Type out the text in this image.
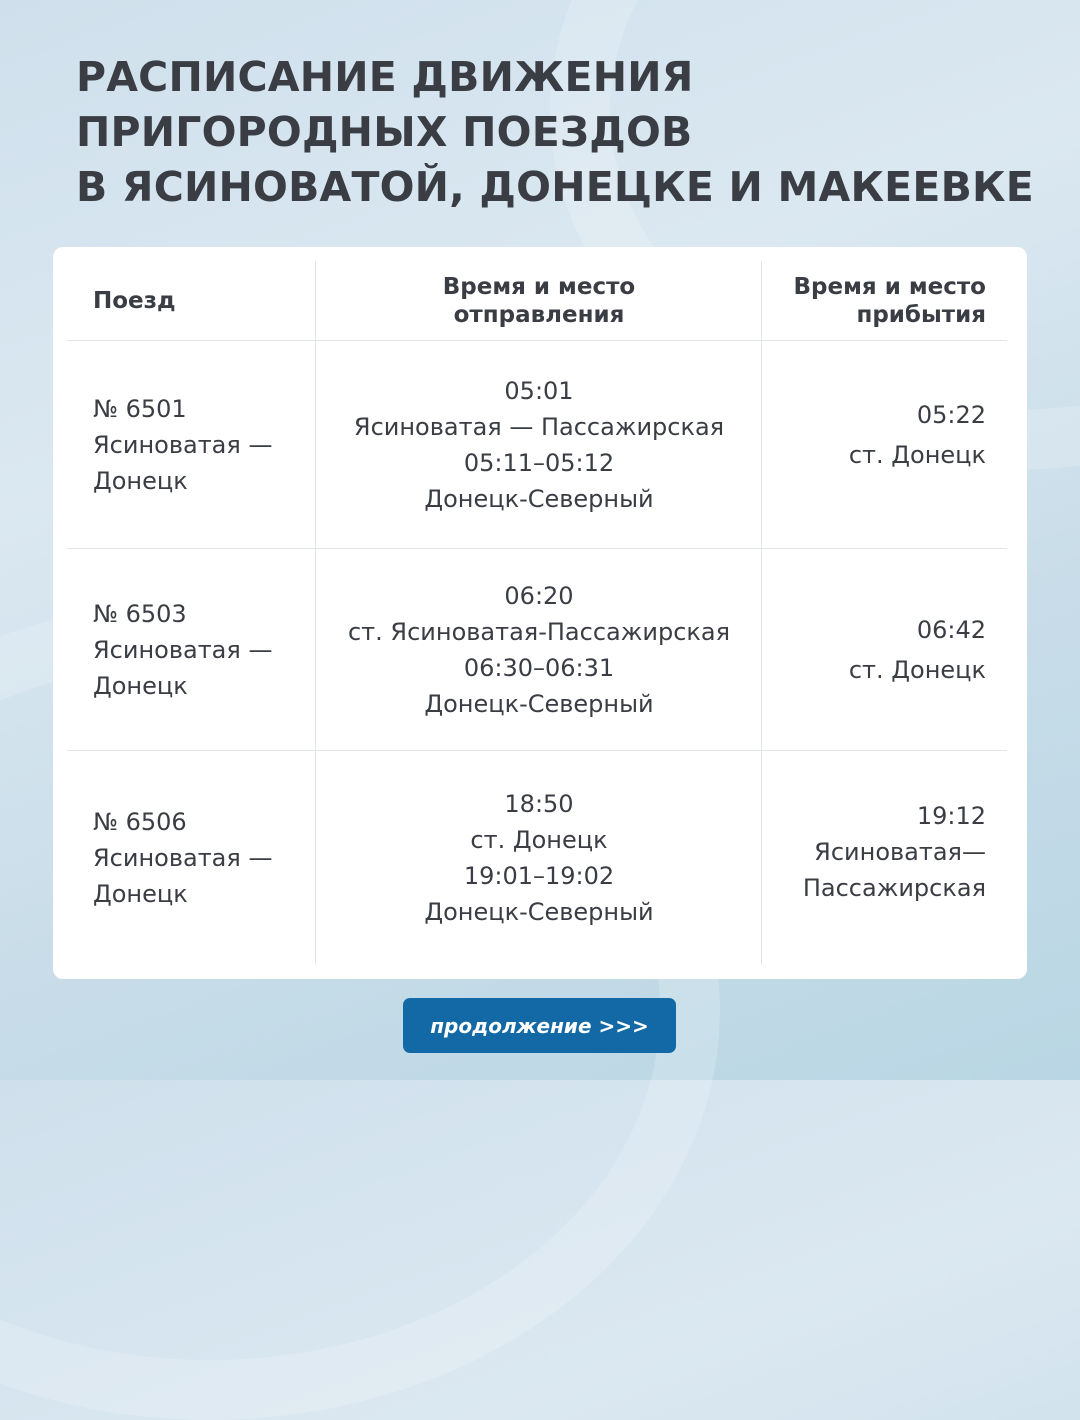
РАСПИСАНИЕ ДВИЖЕНИЯ
ПРИГОРОДНЫХ ПОЕЗДОВ
В ЯСИНОВАТОЙ, ДОНЕЦКЕ И МАКЕЕВКЕ
Поезд
Время и место
отправления
Время и место
прибытия
№ 6501
Ясиноватая —
Донецк
05:01
Ясиноватая — Пассажирская
05:11–05:12
Донецк-Северный
05:22
ст. Донецк
№ 6503
Ясиноватая —
Донецк
06:20
ст. Ясиноватая-Пассажирская
06:30–06:31
Донецк-Северный
06:42
ст. Донецк
№ 6506
Ясиноватая —
Донецк
18:50
ст. Донецк
19:01–19:02
Донецк-Северный
19:12
Ясиноватая—
Пассажирская
продолжение >>>
